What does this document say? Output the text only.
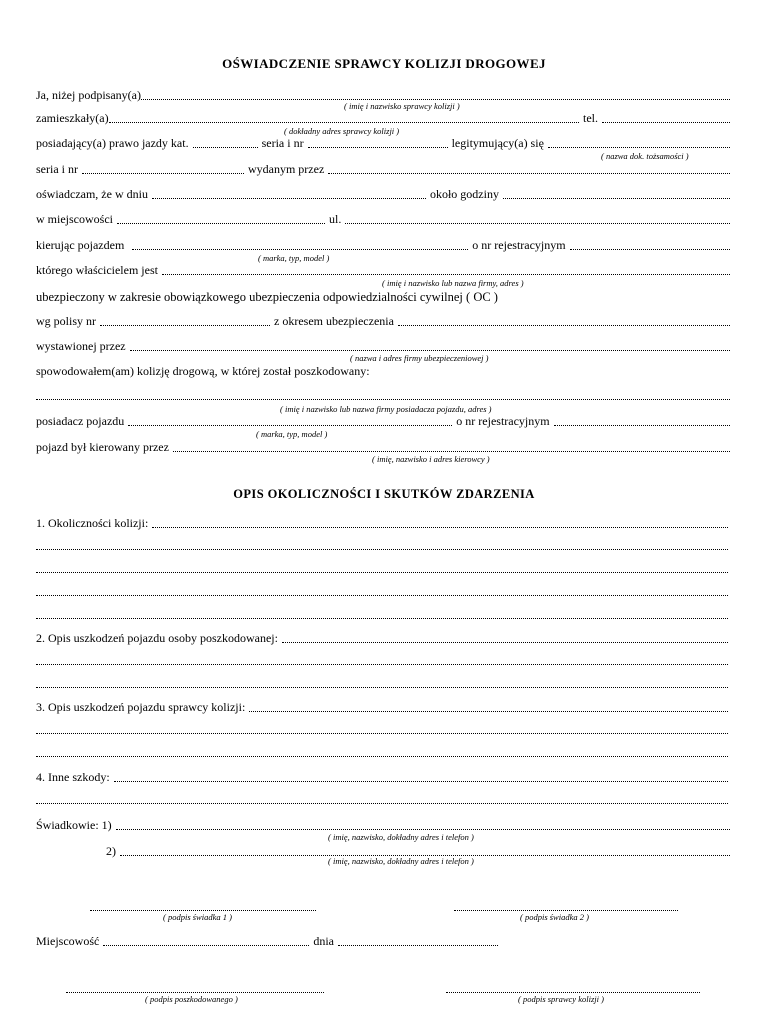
OŚWIADCZENIE SPRAWCY KOLIZJI DROGOWEJ
Ja, niżej podpisany(a)
( imię i nazwisko sprawcy kolizji )
zamieszkały(a)	tel.
( dokładny adres sprawcy kolizji )
posiadający(a) prawo jazdy kat.	seria i nr	legitymujący(a) się
( nazwa dok. tożsamości )
seria i nr	wydanym przez
oświadczam, że w dniu	około godziny
w miejscowości	ul.
kierując pojazdem	o nr rejestracyjnym
( marka, typ, model )
którego właścicielem jest
( imię i nazwisko lub nazwa firmy, adres )
ubezpieczony w zakresie obowiązkowego ubezpieczenia odpowiedzialności cywilnej ( OC )
wg polisy nr	z okresem ubezpieczenia
wystawionej przez
( nazwa i adres firmy ubezpieczeniowej )
spowodowałem(am) kolizję drogową, w której został poszkodowany:
( imię i nazwisko lub nazwa firmy posiadacza pojazdu, adres )
posiadacz pojazdu	o nr rejestracyjnym
( marka, typ, model )
pojazd był kierowany przez
( imię, nazwisko i adres kierowcy )
OPIS OKOLICZNOŚCI I SKUTKÓW ZDARZENIA
1. Okoliczności kolizji:
2. Opis uszkodzeń pojazdu osoby poszkodowanej:
3. Opis uszkodzeń pojazdu sprawcy kolizji:
4. Inne szkody:
Świadkowie: 1)
( imię, nazwisko, dokładny adres i telefon )
2)
( imię, nazwisko, dokładny adres i telefon )
( podpis świadka 1 )	( podpis świadka 2 )
Miejscowość	dnia
( podpis poszkodowanego )	( podpis sprawcy kolizji )
